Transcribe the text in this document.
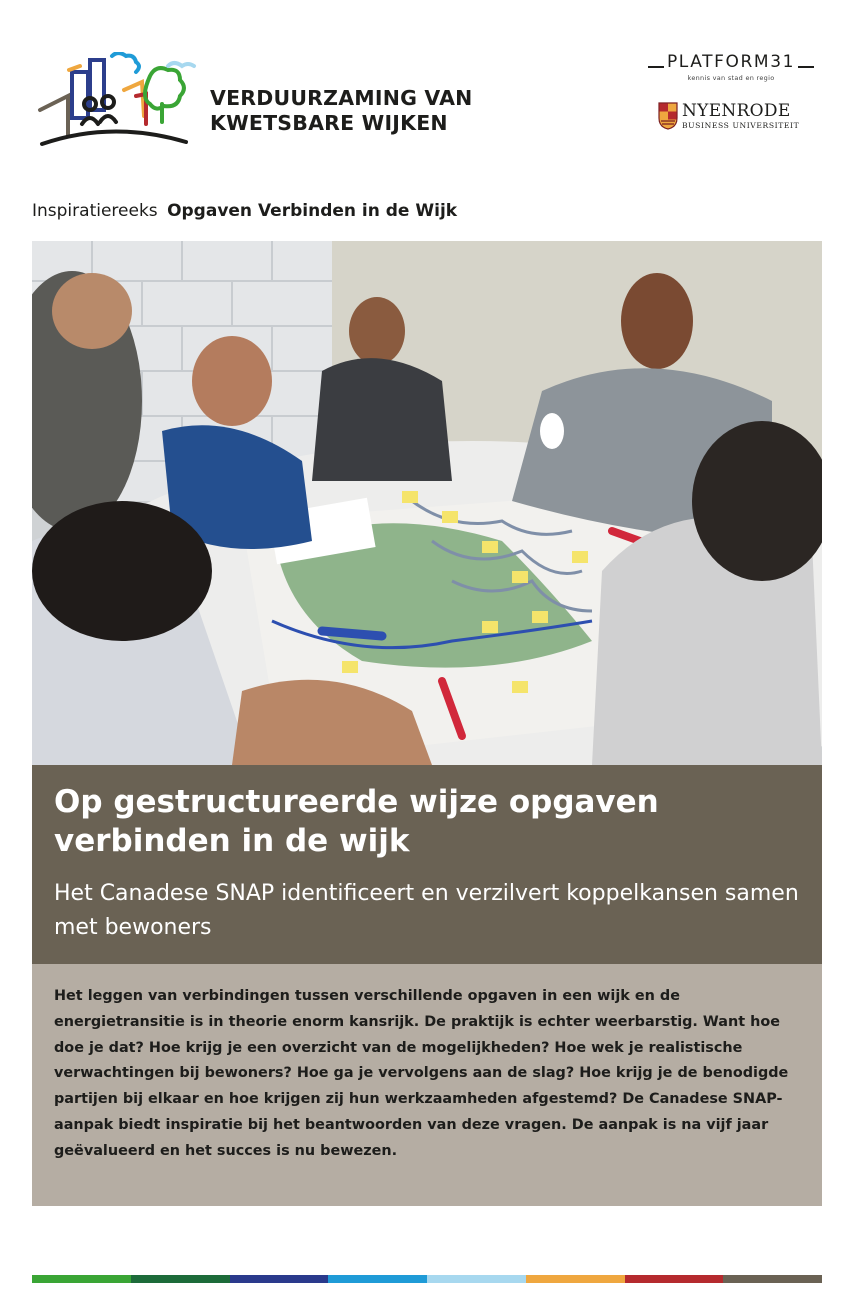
VERDUURZAMING VAN
KWETSBARE WIJKEN
PLATFORM31
kennis van stad en regio
NYENRODE
BUSINESS UNIVERSITEIT
Inspiratiereeks Opgaven Verbinden in de Wijk
Op gestructureerde wijze opgaven verbinden in de wijk

Het Canadese SNAP identificeert en verzilvert koppelkansen samen met bewoners

Het leggen van verbindingen tussen verschillende opgaven in een wijk en de energietransitie is in theorie enorm kansrijk. De praktijk is echter weerbarstig. Want hoe doe je dat? Hoe krijg je een overzicht van de mogelijkheden? Hoe wek je realistische verwachtingen bij bewoners? Hoe ga je vervolgens aan de slag? Hoe krijg je de benodigde partijen bij elkaar en hoe krijgen zij hun werkzaamheden afgestemd? De Canadese SNAP-aanpak biedt inspiratie bij het beantwoorden van deze vragen. De aanpak is na vijf jaar geëvalueerd en het succes is nu bewezen.
